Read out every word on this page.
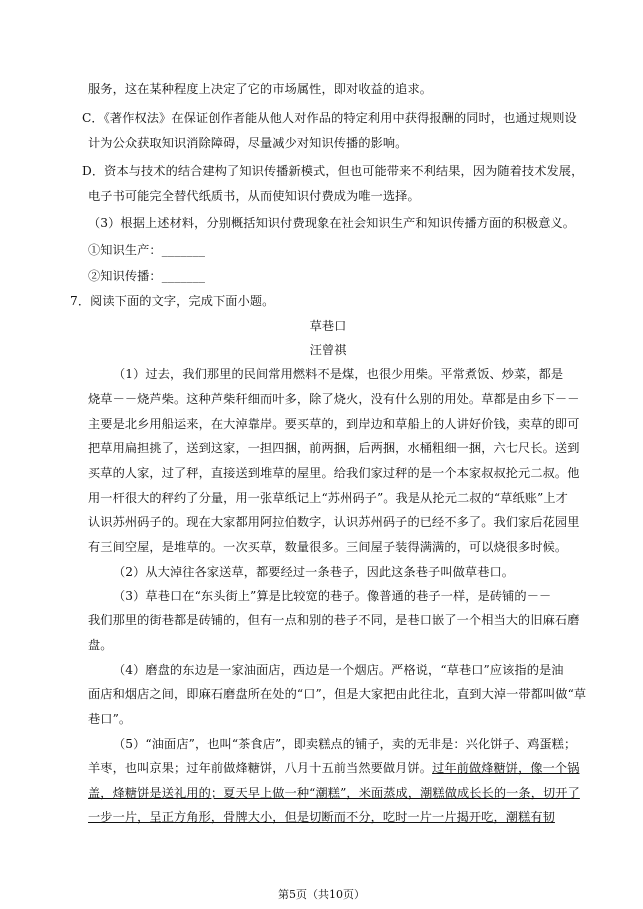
服务，这在某种程度上决定了它的市场属性，即对收益的追求。
C．《著作权法》在保证创作者能从他人对作品的特定利用中获得报酬的同时，也通过规则设
计为公众获取知识消除障碍，尽量减少对知识传播的影响。
D．资本与技术的结合建构了知识传播新模式，但也可能带来不利结果，因为随着技术发展，
电子书可能完全替代纸质书，从而使知识付费成为唯一选择。
（3）根据上述材料，分别概括知识付费现象在社会知识生产和知识传播方面的积极意义。
①知识生产：_______
②知识传播：_______
7．阅读下面的文字，完成下面小题。
草巷口
汪曾祺
（1）过去，我们那里的民间常用燃料不是煤，也很少用柴。平常煮饭、炒菜，都是
烧草－－烧芦柴。这种芦柴秆细而叶多，除了烧火，没有什么别的用处。草都是由乡下－－
主要是北乡用船运来，在大淖靠岸。要买草的，到岸边和草船上的人讲好价钱，卖草的即可
把草用扁担挑了，送到这家，一担四捆，前两捆，后两捆，水桶粗细一捆，六七尺长。送到
买草的人家，过了秤，直接送到堆草的屋里。给我们家过秤的是一个本家叔叔抡元二叔。他
用一杆很大的秤约了分量，用一张草纸记上“苏州码子”。我是从抡元二叔的“草纸账”上才
认识苏州码子的。现在大家都用阿拉伯数字，认识苏州码子的已经不多了。我们家后花园里
有三间空屋，是堆草的。一次买草，数量很多。三间屋子装得满满的，可以烧很多时候。
（2）从大淖往各家送草，都要经过一条巷子，因此这条巷子叫做草巷口。
（3）草巷口在“东头街上”算是比较宽的巷子。像普通的巷子一样，是砖铺的－－
我们那里的街巷都是砖铺的，但有一点和别的巷子不同，是巷口嵌了一个相当大的旧麻石磨
盘。
（4）磨盘的东边是一家油面店，西边是一个烟店。严格说，“草巷口”应该指的是油
面店和烟店之间，即麻石磨盘所在处的“口”，但是大家把由此往北，直到大淖一带都叫做“草
巷口”。
（5）“油面店”，也叫“茶食店”，即卖糕点的铺子，卖的无非是：兴化饼子、鸡蛋糕；
羊枣，也叫京果；过年前做烽糖饼，八月十五前当然要做月饼。过年前做烽糖饼，像一个锅
盖，烽糖饼是送礼用的；夏天早上做一种“潮糕”，米面蒸成，潮糕做成长长的一条，切开了
一步一片，呈正方角形，骨牌大小，但是切断而不分，吃时一片一片揭开吃，潮糕有韧
第5页（共10页）
